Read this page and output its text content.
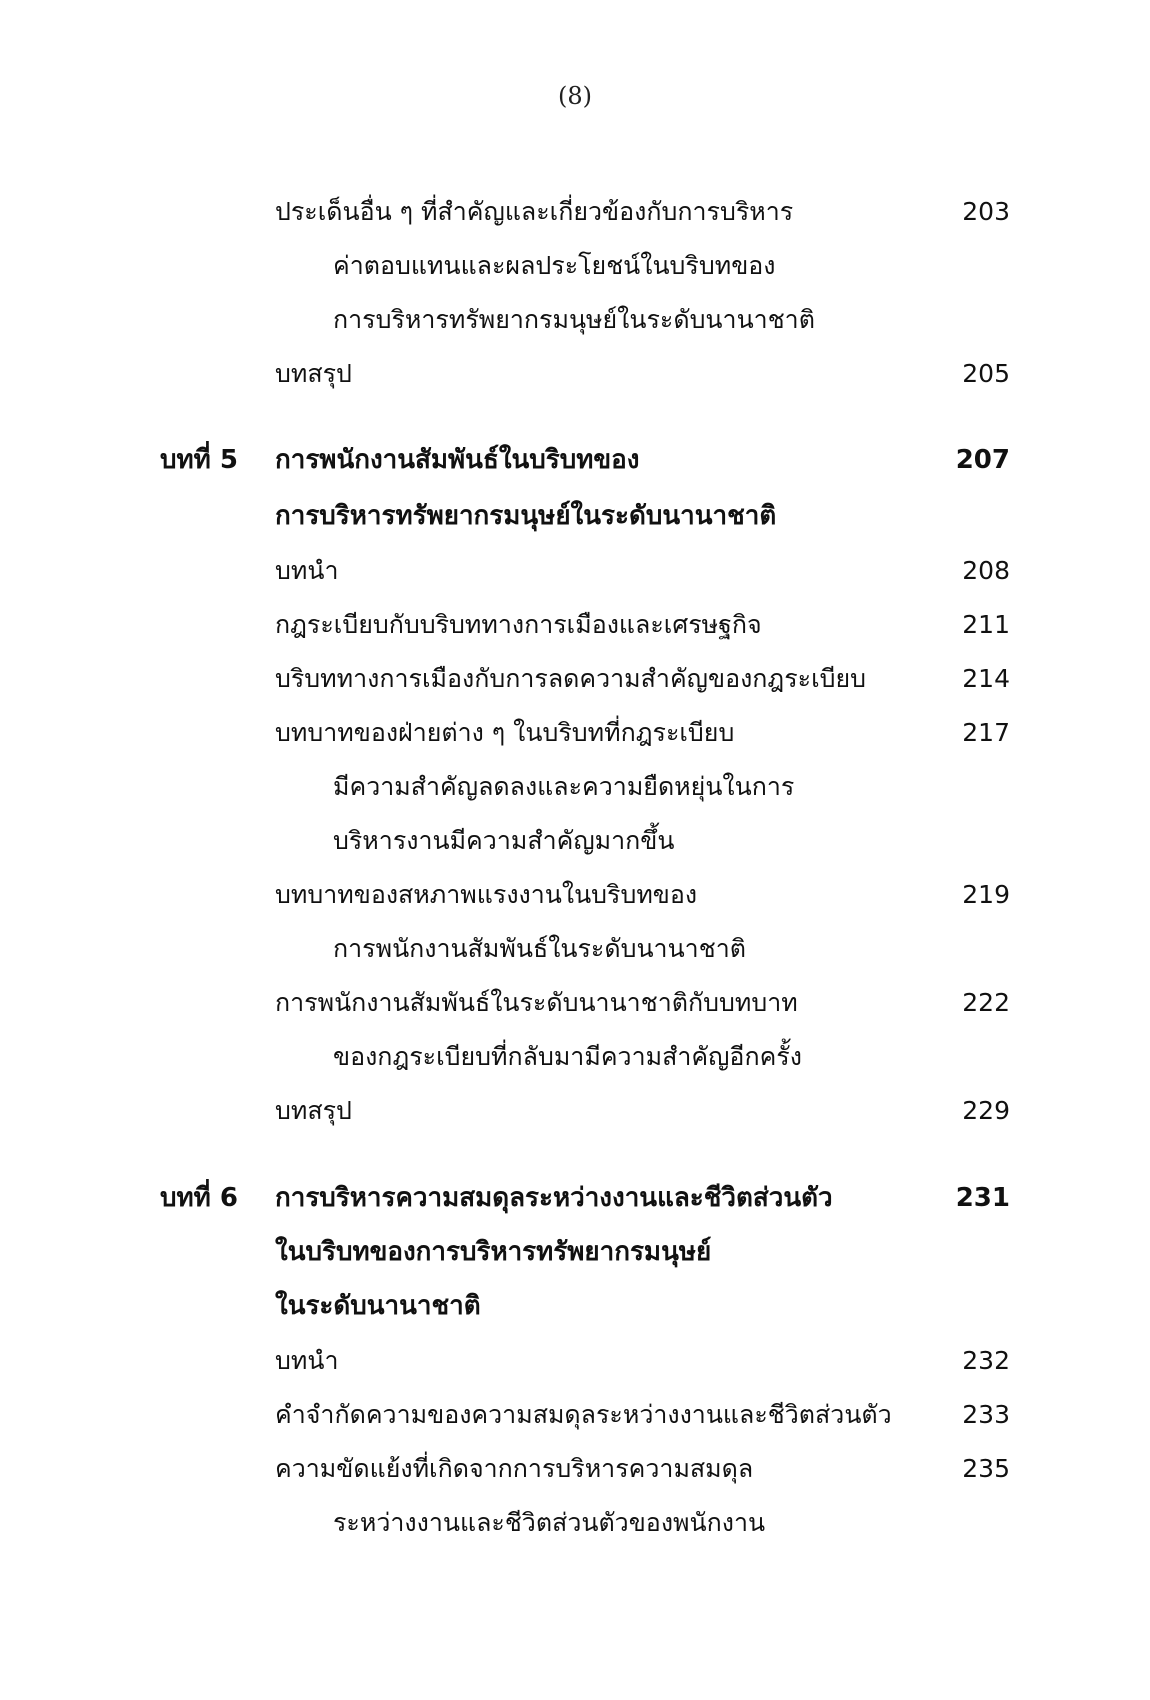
(8)
ประเด็นอื่น ๆ ที่สำคัญและเกี่ยวข้องกับการบริหาร	203
ค่าตอบแทนและผลประโยชน์ในบริบทของ
การบริหารทรัพยากรมนุษย์ในระดับนานาชาติ
บทสรุป	205
บทที่ 5 การพนักงานสัมพันธ์ในบริบทของ	207
การบริหารทรัพยากรมนุษย์ในระดับนานาชาติ
บทนำ	208
กฎระเบียบกับบริบททางการเมืองและเศรษฐกิจ	211
บริบททางการเมืองกับการลดความสำคัญของกฎระเบียบ	214
บทบาทของฝ่ายต่าง ๆ ในบริบทที่กฎระเบียบ	217
มีความสำคัญลดลงและความยืดหยุ่นในการ
บริหารงานมีความสำคัญมากขึ้น
บทบาทของสหภาพแรงงานในบริบทของ	219
การพนักงานสัมพันธ์ในระดับนานาชาติ
การพนักงานสัมพันธ์ในระดับนานาชาติกับบทบาท	222
ของกฎระเบียบที่กลับมามีความสำคัญอีกครั้ง
บทสรุป	229
บทที่ 6 การบริหารความสมดุลระหว่างงานและชีวิตส่วนตัว	231
ในบริบทของการบริหารทรัพยากรมนุษย์
ในระดับนานาชาติ
บทนำ	232
คำจำกัดความของความสมดุลระหว่างงานและชีวิตส่วนตัว	233
ความขัดแย้งที่เกิดจากการบริหารความสมดุล	235
ระหว่างงานและชีวิตส่วนตัวของพนักงาน
